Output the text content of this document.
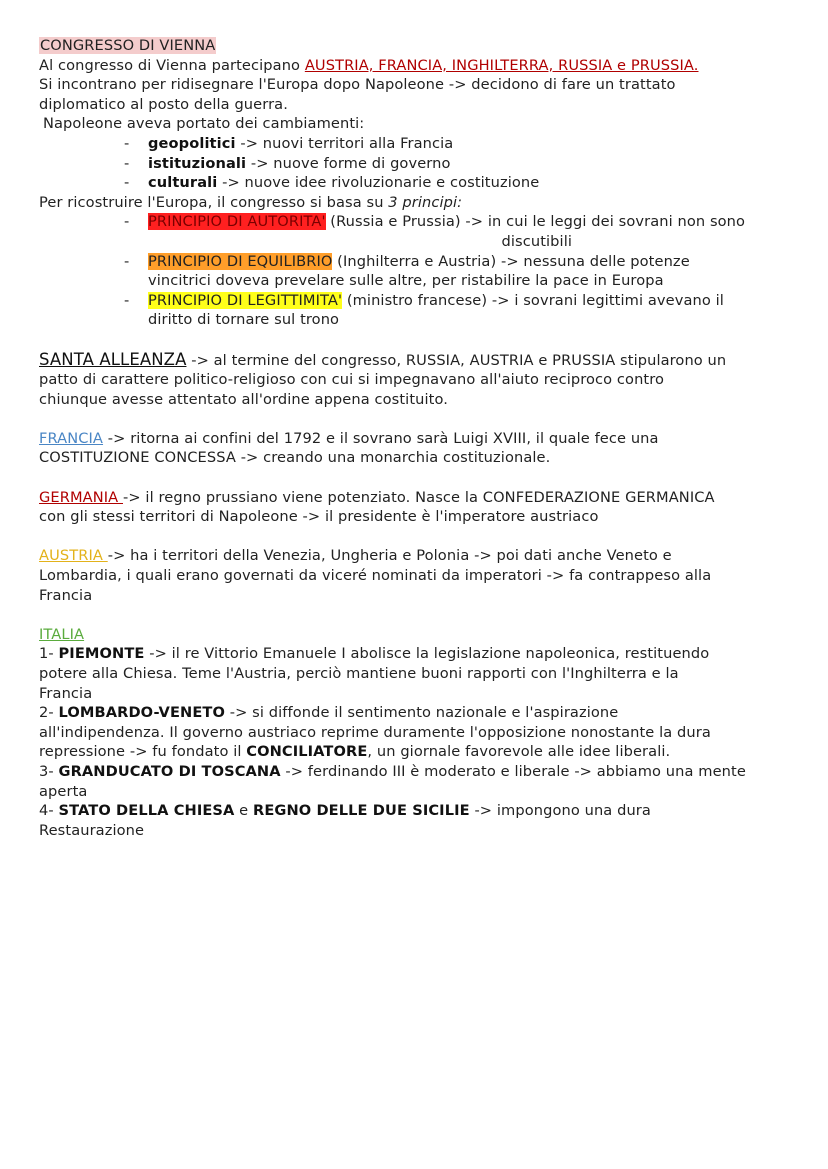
CONGRESSO DI VIENNA

Al congresso di Vienna partecipano AUSTRIA, FRANCIA, INGHILTERRA, RUSSIA e PRUSSIA.

Si incontrano per ridisegnare l'Europa dopo Napoleone -> decidono di fare un trattato

diplomatico al posto della guerra.

Napoleone aveva portato dei cambiamenti:

- geopolitici -> nuovi territori alla Francia

- istituzionali -> nuove forme di governo

- culturali -> nuove idee rivoluzionarie e costituzione

Per ricostruire l'Europa, il congresso si basa su 3 principi:

- PRINCIPIO DI AUTORITA' (Russia e Prussia) -> in cui le leggi dei sovrani non sono

discutibili

- PRINCIPIO DI EQUILIBRIO (Inghilterra e Austria) -> nessuna delle potenze

vincitrici doveva prevelare sulle altre, per ristabilire la pace in Europa

- PRINCIPIO DI LEGITTIMITA' (ministro francese) -> i sovrani legittimi avevano il

diritto di tornare sul trono

SANTA ALLEANZA -> al termine del congresso, RUSSIA, AUSTRIA e PRUSSIA stipularono un

patto di carattere politico-religioso con cui si impegnavano all'aiuto reciproco contro

chiunque avesse attentato all'ordine appena costituito.

FRANCIA -> ritorna ai confini del 1792 e il sovrano sarà Luigi XVIII, il quale fece una

COSTITUZIONE CONCESSA -> creando una monarchia costituzionale.

GERMANIA -> il regno prussiano viene potenziato. Nasce la CONFEDERAZIONE GERMANICA

con gli stessi territori di Napoleone -> il presidente è l'imperatore austriaco

AUSTRIA -> ha i territori della Venezia, Ungheria e Polonia -> poi dati anche Veneto e

Lombardia, i quali erano governati da viceré nominati da imperatori -> fa contrappeso alla

Francia

ITALIA

1- PIEMONTE -> il re Vittorio Emanuele I abolisce la legislazione napoleonica, restituendo

potere alla Chiesa. Teme l'Austria, perciò mantiene buoni rapporti con l'Inghilterra e la

Francia

2- LOMBARDO-VENETO -> si diffonde il sentimento nazionale e l'aspirazione

all'indipendenza. Il governo austriaco reprime duramente l'opposizione nonostante la dura

repressione -> fu fondato il CONCILIATORE, un giornale favorevole alle idee liberali.

3- GRANDUCATO DI TOSCANA -> ferdinando III è moderato e liberale -> abbiamo una mente

aperta

4- STATO DELLA CHIESA e REGNO DELLE DUE SICILIE -> impongono una dura

Restaurazione
